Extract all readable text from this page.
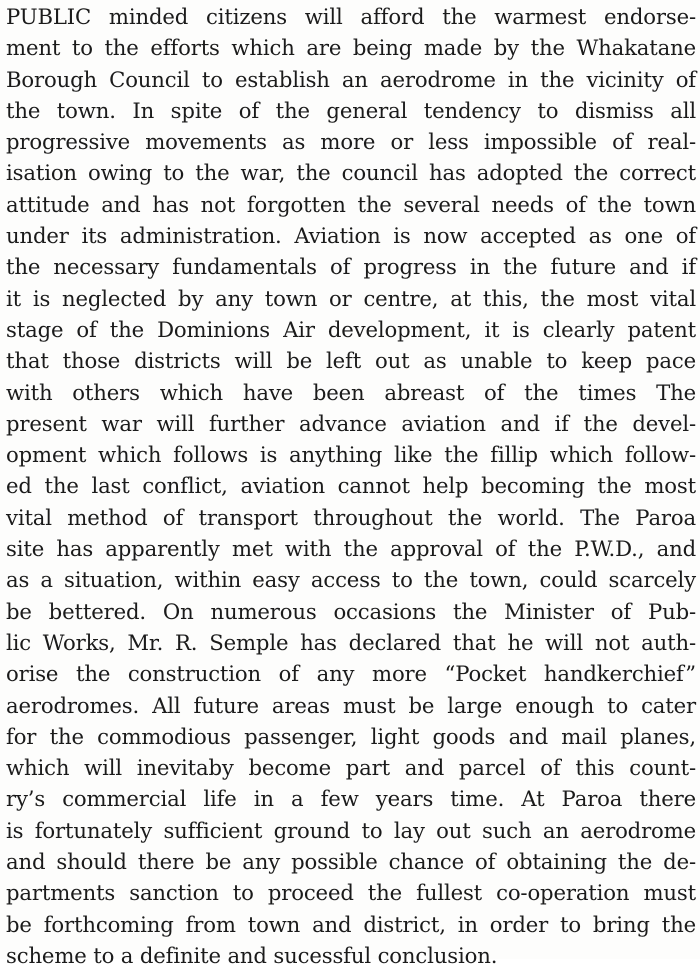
PUBLIC minded citizens will afford the warmest endorse-
ment to the efforts which are being made by the Whakatane
Borough Council to establish an aerodrome in the vicinity of
the town. In spite of the general tendency to dismiss all
progressive movements as more or less impossible of real-
isation owing to the war, the council has adopted the correct
attitude and has not forgotten the several needs of the town
under its administration. Aviation is now accepted as one of
the necessary fundamentals of progress in the future and if
it is neglected by any town or centre, at this, the most vital
stage of the Dominions Air development, it is clearly patent
that those districts will be left out as unable to keep pace
with others which have been abreast of the times The
present war will further advance aviation and if the devel-
opment which follows is anything like the fillip which follow-
ed the last conflict, aviation cannot help becoming the most
vital method of transport throughout the world. The Paroa
site has apparently met with the approval of the P.W.D., and
as a situation, within easy access to the town, could scarcely
be bettered. On numerous occasions the Minister of Pub-
lic Works, Mr. R. Semple has declared that he will not auth-
orise the construction of any more “Pocket handkerchief”
aerodromes. All future areas must be large enough to cater
for the commodious passenger, light goods and mail planes,
which will inevitaby become part and parcel of this count-
ry’s commercial life in a few years time. At Paroa there
is fortunately sufficient ground to lay out such an aerodrome
and should there be any possible chance of obtaining the de-
partments sanction to proceed the fullest co-operation must
be forthcoming from town and district, in order to bring the
scheme to a definite and sucessful conclusion.
